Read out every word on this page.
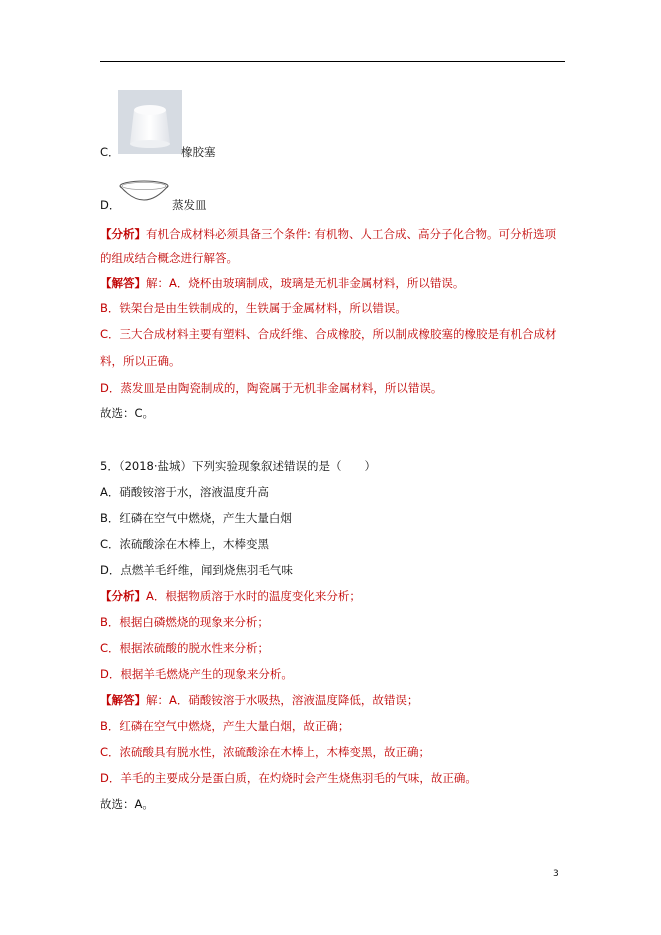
C．	橡胶塞
D．	蒸发皿
【分析】有机合成材料必须具备三个条件: 有机物、人工合成、高分子化合物。可分析选项
的组成结合概念进行解答。
【解答】解：A．烧杯由玻璃制成，玻璃是无机非金属材料，所以错误。
B．铁架台是由生铁制成的，生铁属于金属材料，所以错误。
C．三大合成材料主要有塑料、合成纤维、合成橡胶，所以制成橡胶塞的橡胶是有机合成材
料，所以正确。
D．蒸发皿是由陶瓷制成的，陶瓷属于无机非金属材料，所以错误。
故选：C。
5．（2018·盐城）下列实验现象叙述错误的是（　　）
A．硝酸铵溶于水，溶液温度升高
B．红磷在空气中燃烧，产生大量白烟
C．浓硫酸涂在木棒上，木棒变黑
D．点燃羊毛纤维，闻到烧焦羽毛气味
【分析】A．根据物质溶于水时的温度变化来分析；
B．根据白磷燃烧的现象来分析；
C．根据浓硫酸的脱水性来分析；
D．根据羊毛燃烧产生的现象来分析。
【解答】解：A．硝酸铵溶于水吸热，溶液温度降低，故错误；
B．红磷在空气中燃烧，产生大量白烟，故正确；
C．浓硫酸具有脱水性，浓硫酸涂在木棒上，木棒变黑，故正确；
D．羊毛的主要成分是蛋白质，在灼烧时会产生烧焦羽毛的气味，故正确。
故选：A。
3
